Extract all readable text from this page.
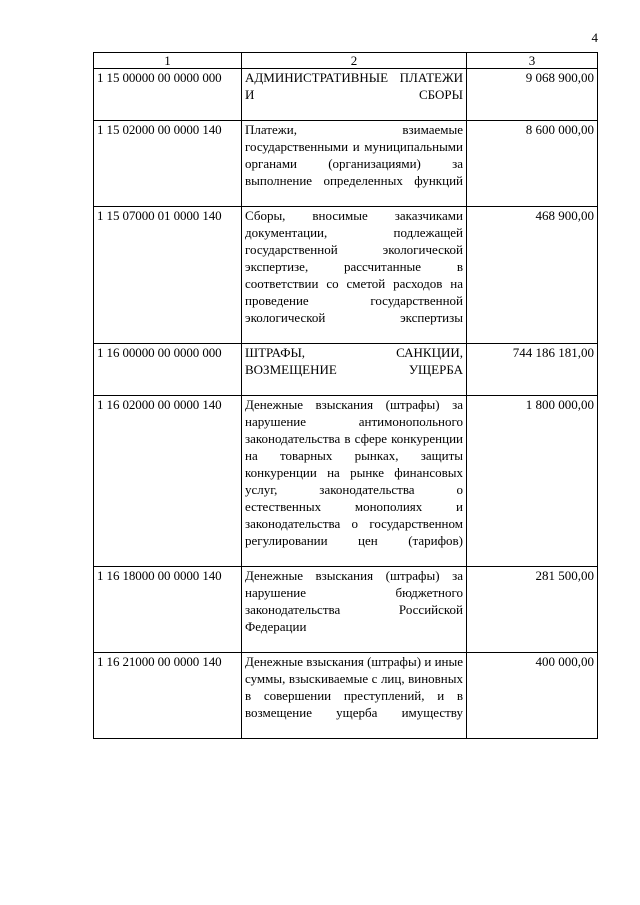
4
1	2	3
1 15 00000 00 0000 000	АДМИНИСТРАТИВНЫЕ ПЛАТЕЖИ И СБОРЫ	9 068 900,00
1 15 02000 00 0000 140	Платежи, взимаемые государственными и муниципальными органами (организациями) за выполнение определенных функций	8 600 000,00
1 15 07000 01 0000 140	Сборы, вносимые заказчиками документации, подлежащей государственной экологической экспертизе, рассчитанные в соответствии со сметой расходов на проведение государственной экологической экспертизы	468 900,00
1 16 00000 00 0000 000	ШТРАФЫ, САНКЦИИ, ВОЗМЕЩЕНИЕ УЩЕРБА	744 186 181,00
1 16 02000 00 0000 140	Денежные взыскания (штрафы) за нарушение антимонопольного законодательства в сфере конкуренции на товарных рынках, защиты конкуренции на рынке финансовых услуг, законодательства о естественных монополиях и законодательства о государственном регулировании цен (тарифов)	1 800 000,00
1 16 18000 00 0000 140	Денежные взыскания (штрафы) за нарушение бюджетного законодательства Российской Федерации	281 500,00
1 16 21000 00 0000 140	Денежные взыскания (штрафы) и иные суммы, взыскиваемые с лиц, виновных в совершении преступлений, и в возмещение ущерба имуществу	400 000,00
